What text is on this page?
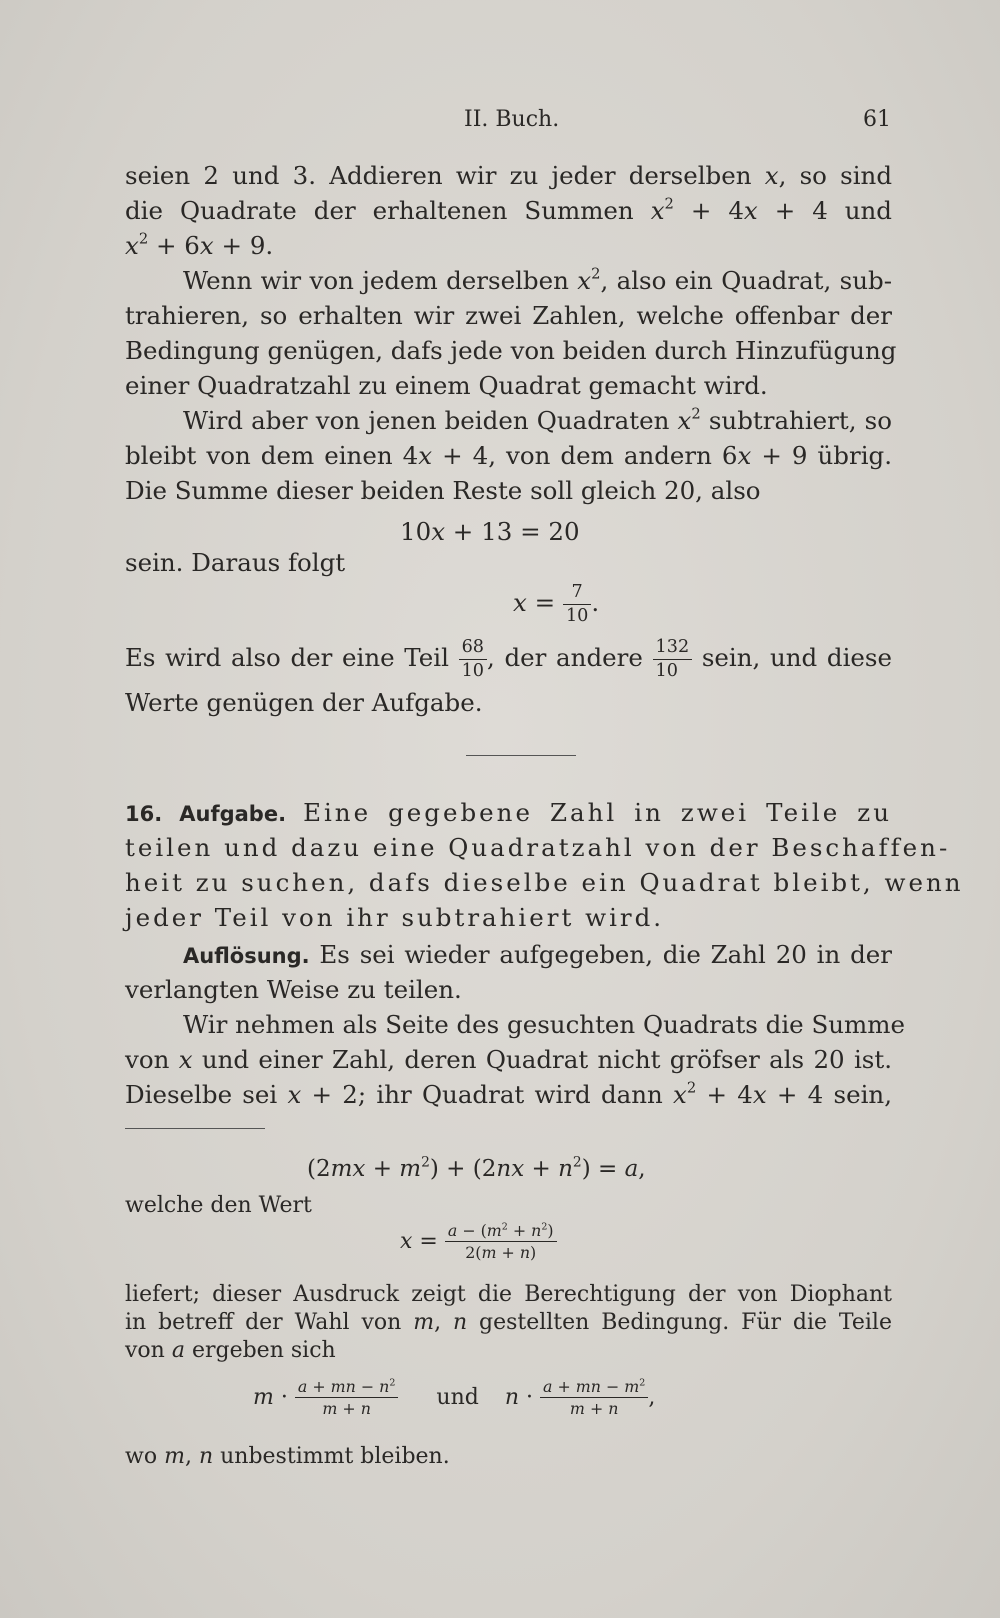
II. Buch.	61
seien 2 und 3. Addieren wir zu jeder derselben x, so sind
die Quadrate der erhaltenen Summen $x^2 + 4x + 4$ und
$x^2 + 6x + 9$.
Wenn wir von jedem derselben $x^2$, also ein Quadrat, sub-
trahieren, so erhalten wir zwei Zahlen, welche offenbar der
Bedingung genügen, dafs jede von beiden durch Hinzufügung
einer Quadratzahl zu einem Quadrat gemacht wird.
Wird aber von jenen beiden Quadraten $x^2$ subtrahiert, so
bleibt von dem einen 4x + 4, von dem andern 6x + 9 übrig.
Die Summe dieser beiden Reste soll gleich 20, also
10x + 13 = 20
sein. Daraus folgt
$x = \frac{7}{10}$ .
Es wird also der eine Teil $\frac{68}{10}$ , der andere $\frac{132}{10}$ sein, und diese
Werte genügen der Aufgabe.
16. Aufgabe. Eine gegebene Zahl in zwei Teile zu
teilen und dazu eine Quadratzahl von der Beschaffen-
heit zu suchen, dafs dieselbe ein Quadrat bleibt, wenn
jeder Teil von ihr subtrahiert wird.
Auflösung. Es sei wieder aufgegeben, die Zahl 20 in der
verlangten Weise zu teilen.
Wir nehmen als Seite des gesuchten Quadrats die Summe
von x und einer Zahl, deren Quadrat nicht gröfser als 20 ist.
Dieselbe sei x + 2; ihr Quadrat wird dann $x^2 + 4x + 4$ sein,
$(2mx + m^2) + (2nx + n^2) = a$,
welche den Wert
$x = \frac{a - (m^2 + n^2)}{2(m + n)}$
liefert; dieser Ausdruck zeigt die Berechtigung der von Diophant
in betreff der Wahl von m, n gestellten Bedingung. Für die Teile
von a ergeben sich
$m \cdot \frac{a + mn - n^2}{m + n}$ und $n \cdot \frac{a + mn - m^2}{m + n}$ ,
wo m, n unbestimmt bleiben.
